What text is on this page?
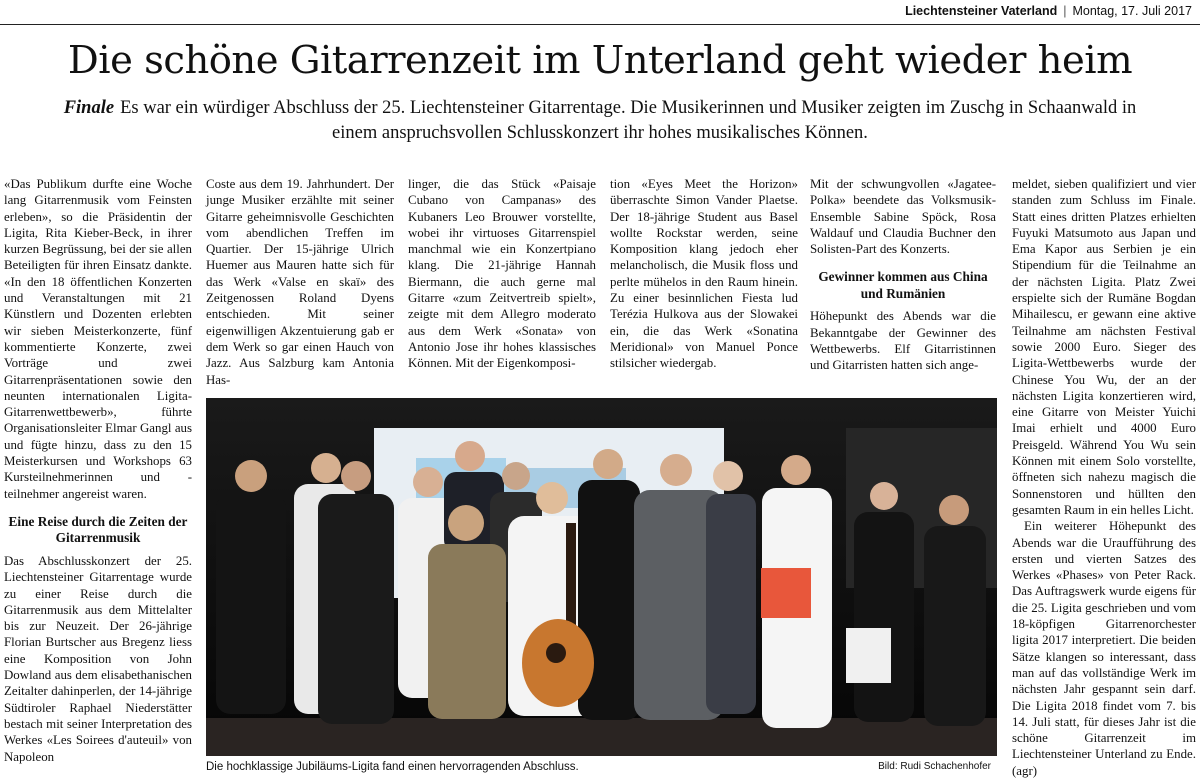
Liechtensteiner Vaterland | Montag, 17. Juli 2017
Die schöne Gitarrenzeit im Unterland geht wieder heim
Finale Es war ein würdiger Abschluss der 25. Liechtensteiner Gitarrentage. Die Musikerinnen und Musiker zeigten im Zuschg in Schaanwald in einem anspruchsvollen Schlusskonzert ihr hohes musikalisches Können.

«Das Publikum durfte eine Woche lang Gitarrenmusik vom Feinsten erleben», so die Präsidentin der Ligita, Rita Kieber-Beck, in ihrer kurzen Begrüssung, bei der sie allen Beteiligten für ihren Einsatz dankte. «In den 18 öffentlichen Konzerten und Veranstaltungen mit 21 Künstlern und Dozenten erlebten wir sieben Meisterkonzerte, fünf kommentierte Konzerte, zwei Vorträge und zwei Gitarrenpräsentationen sowie den neunten internationalen Ligita-Gitarrenwettbewerb», führte Organisationsleiter Elmar Gangl aus und fügte hinzu, dass zu den 15 Meisterkursen und Workshops 63 Kursteilnehmerinnen und -teilnehmer angereist waren.

Eine Reise durch die Zeiten der Gitarrenmusik

Das Abschlusskonzert der 25. Liechtensteiner Gitarrentage wurde zu einer Reise durch die Gitarrenmusik aus dem Mittelalter bis zur Neuzeit. Der 26-jährige Florian Burtscher aus Bregenz liess eine Komposition von John Dowland aus dem elisabethanischen Zeitalter dahinperlen, der 14-jährige Südtiroler Raphael Niederstätter bestach mit seiner Interpretation des Werkes «Les Soirees d'auteuil» von Napoleon

Coste aus dem 19. Jahrhundert. Der junge Musiker erzählte mit seiner Gitarre geheimnisvolle Geschichten vom abendlichen Treffen im Quartier. Der 15-jährige Ulrich Huemer aus Mauren hatte sich für das Werk «Valse en skaï» des Zeitgenossen Roland Dyens entschieden. Mit seiner eigenwilligen Akzentuierung gab er dem Werk so gar einen Hauch von Jazz. Aus Salzburg kam Antonia Has-

linger, die das Stück «Paisaje Cubano von Campanas» des Kubaners Leo Brouwer vorstellte, wobei ihr virtuoses Gitarrenspiel manchmal wie ein Konzertpiano klang. Die 21-jährige Hannah Biermann, die auch gerne mal Gitarre «zum Zeitvertreib spielt», zeigte mit dem Allegro moderato aus dem Werk «Sonata» von Antonio Jose ihr hohes klassisches Können. Mit der Eigenkomposi-

tion «Eyes Meet the Horizon» überraschte Simon Vander Plaetse. Der 18-jährige Student aus Basel wollte Rockstar werden, seine Komposition klang jedoch eher melancholisch, die Musik floss und perlte mühelos in den Raum hinein. Zu einer besinnlichen Fiesta lud Terézia Hulkova aus der Slowakei ein, die das Werk «Sonatina Meridional» von Manuel Ponce stilsicher wiedergab.

Mit der schwungvollen «Jagatee-Polka» beendete das Volksmusik-Ensemble Sabine Spöck, Rosa Waldauf und Claudia Buchner den Solisten-Part des Konzerts.

Gewinner kommen aus China und Rumänien

Höhepunkt des Abends war die Bekanntgabe der Gewinner des Wettbewerbs. Elf Gitarristinnen und Gitarristen hatten sich ange-

meldet, sieben qualifiziert und vier standen zum Schluss im Finale. Statt eines dritten Platzes erhielten Fuyuki Matsumoto aus Japan und Ema Kapor aus Serbien je ein Stipendium für die Teilnahme an der nächsten Ligita. Platz Zwei erspielte sich der Rumäne Bogdan Mihailescu, er gewann eine aktive Teilnahme am nächsten Festival sowie 2000 Euro. Sieger des Ligita-Wettbewerbs wurde der Chinese You Wu, der an der nächsten Ligita konzertieren wird, eine Gitarre von Meister Yuichi Imai erhielt und 4000 Euro Preisgeld. Während You Wu sein Können mit einem Solo vorstellte, öffneten sich nahezu magisch die Sonnenstoren und hüllten den gesamten Raum in ein helles Licht.

Ein weiterer Höhepunkt des Abends war die Uraufführung des ersten und vierten Satzes des Werkes «Phases» von Peter Rack. Das Auftragswerk wurde eigens für die 25. Ligita geschrieben und vom 18-köpfigen Gitarrenorchester ligita 2017 interpretiert. Die beiden Sätze klangen so interessant, dass man auf das vollständige Werk im nächsten Jahr gespannt sein darf. Die Ligita 2018 findet vom 7. bis 14. Juli statt, für dieses Jahr ist die schöne Gitarrenzeit im Liechtensteiner Unterland zu Ende. (agr)

Die hochklassige Jubiläums-Ligita fand einen hervorragenden Abschluss.	Bild: Rudi Schachenhofer
